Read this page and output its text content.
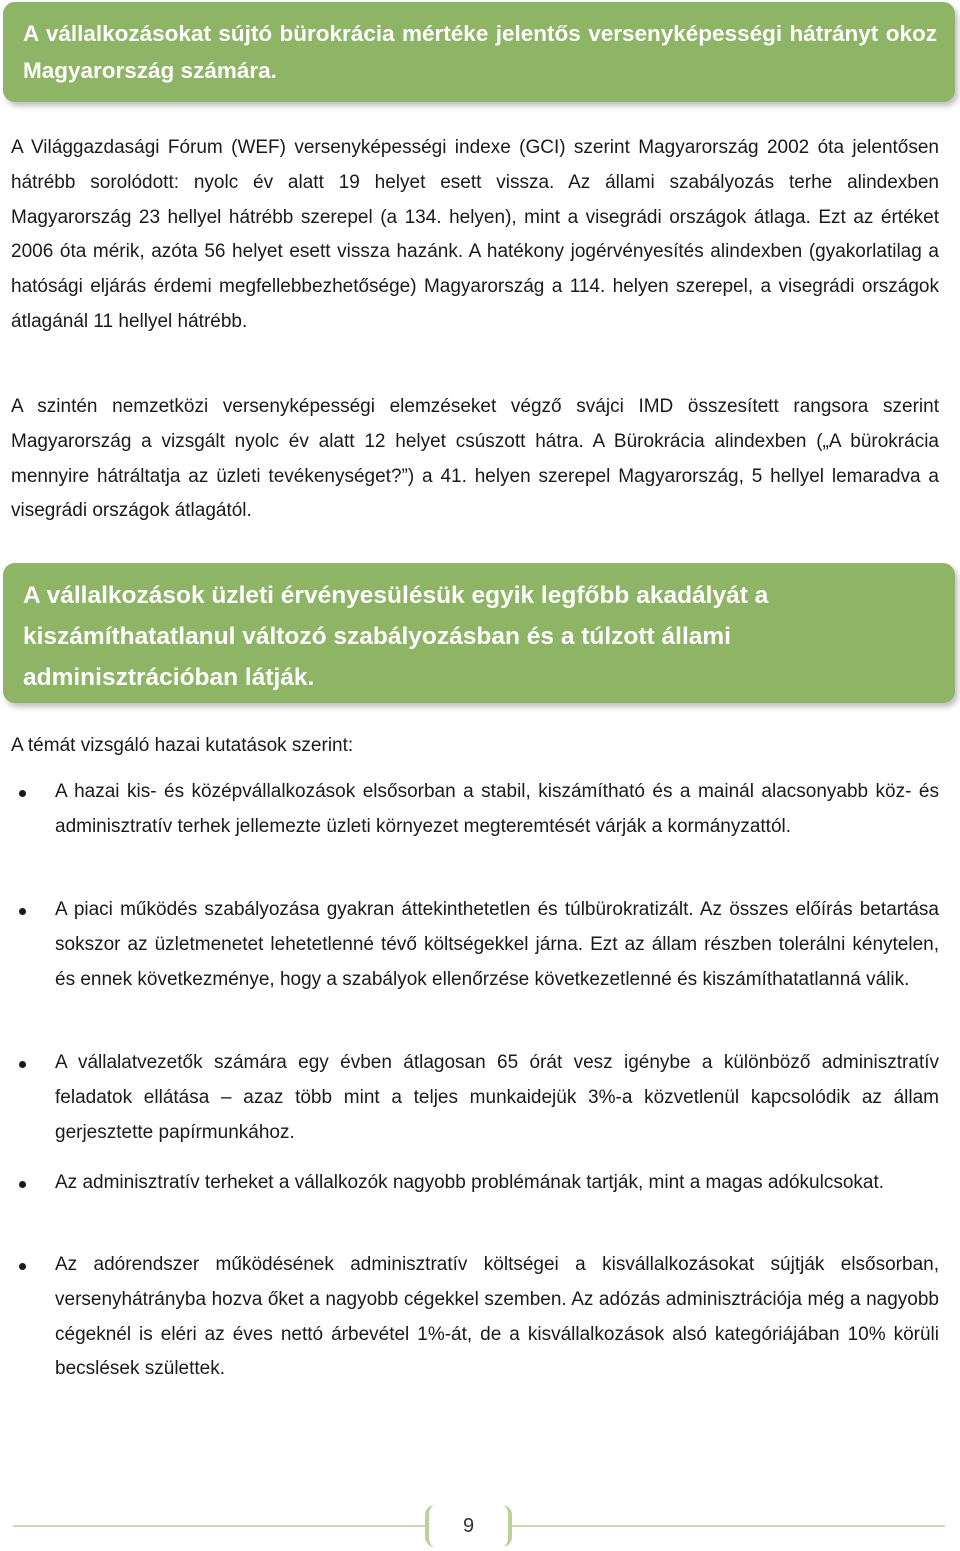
A vállalkozásokat sújtó bürokrácia mértéke jelentős versenyképességi hátrányt okoz Magyarország számára.

A Világgazdasági Fórum (WEF) versenyképességi indexe (GCI) szerint Magyarország 2002 óta jelentősen hátrébb sorolódott: nyolc év alatt 19 helyet esett vissza. Az állami szabályozás terhe alindexben Magyarország 23 hellyel hátrébb szerepel (a 134. helyen), mint a visegrádi országok átlaga. Ezt az értéket 2006 óta mérik, azóta 56 helyet esett vissza hazánk. A hatékony jogérvényesítés alindexben (gyakorlatilag a hatósági eljárás érdemi megfellebbezhetősége) Magyarország a 114. helyen szerepel, a visegrádi országok átlagánál 11 hellyel hátrébb.

A szintén nemzetközi versenyképességi elemzéseket végző svájci IMD összesített rangsora szerint Magyarország a vizsgált nyolc év alatt 12 helyet csúszott hátra. A Bürokrácia alindexben („A bürokrácia mennyire hátráltatja az üzleti tevékenységet?”) a 41. helyen szerepel Magyarország, 5 hellyel lemaradva a visegrádi országok átlagától.

A vállalkozások üzleti érvényesülésük egyik legfőbb akadályát a
kiszámíthatatlanul változó szabályozásban és a túlzott állami
adminisztrációban látják.

A témát vizsgáló hazai kutatások szerint:

A hazai kis- és középvállalkozások elsősorban a stabil, kiszámítható és a mainál alacsonyabb köz- és adminisztratív terhek jellemezte üzleti környezet megteremtését várják a kormányzattól.

A piaci működés szabályozása gyakran áttekinthetetlen és túlbürokratizált. Az összes előírás betartása sokszor az üzletmenetet lehetetlenné tévő költségekkel járna. Ezt az állam részben tolerálni kénytelen, és ennek következménye, hogy a szabályok ellenőrzése következetlenné és kiszámíthatatlanná válik.

A vállalatvezetők számára egy évben átlagosan 65 órát vesz igénybe a különböző adminisztratív feladatok ellátása – azaz több mint a teljes munkaidejük 3%-a közvetlenül kapcsolódik az állam gerjesztette papírmunkához.

Az adminisztratív terheket a vállalkozók nagyobb problémának tartják, mint a magas adókulcsokat.

Az adórendszer működésének adminisztratív költségei a kisvállalkozásokat sújtják elsősorban, versenyhátrányba hozva őket a nagyobb cégekkel szemben. Az adózás adminisztrációja még a nagyobb cégeknél is eléri az éves nettó árbevétel 1%-át, de a kisvállalkozások alsó kategóriájában 10% körüli becslések születtek.

9
